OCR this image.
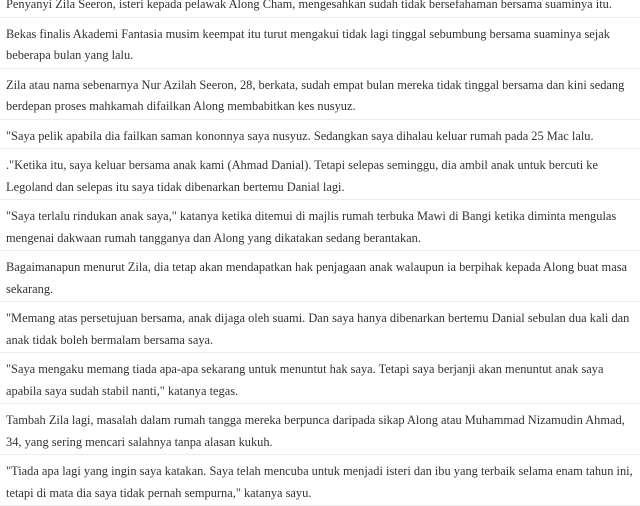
Penyanyi Zila Seeron, isteri kepada pelawak Along Cham, mengesahkan sudah tidak bersefahaman bersama suaminya itu.

Bekas finalis Akademi Fantasia musim keempat itu turut mengakui tidak lagi tinggal sebumbung bersama suaminya sejak beberapa bulan yang lalu.

Zila atau nama sebenarnya Nur Azilah Seeron, 28, berkata, sudah empat bulan mereka tidak tinggal bersama dan kini sedang berdepan proses mahkamah difailkan Along membabitkan kes nusyuz.

"Saya pelik apabila dia failkan saman kononnya saya nusyuz. Sedangkan saya dihalau keluar rumah pada 25 Mac lalu.

."Ketika itu, saya keluar bersama anak kami (Ahmad Danial). Tetapi selepas seminggu, dia ambil anak untuk bercuti ke Legoland dan selepas itu saya tidak dibenarkan bertemu Danial lagi.

"Saya terlalu rindukan anak saya," katanya ketika ditemui di majlis rumah terbuka Mawi di Bangi ketika diminta mengulas mengenai dakwaan rumah tangganya dan Along yang dikatakan sedang berantakan.

Bagaimanapun menurut Zila, dia tetap akan mendapatkan hak penjagaan anak walaupun ia berpihak kepada Along buat masa sekarang.

"Memang atas persetujuan bersama, anak dijaga oleh suami. Dan saya hanya dibenarkan bertemu Danial sebulan dua kali dan anak tidak boleh bermalam bersama saya.

"Saya mengaku memang tiada apa-apa sekarang untuk menuntut hak saya. Tetapi saya berjanji akan menuntut anak saya apabila saya sudah stabil nanti," katanya tegas.

Tambah Zila lagi, masalah dalam rumah tangga mereka berpunca daripada sikap Along atau Muhammad Nizamudin Ahmad, 34, yang sering mencari salahnya tanpa alasan kukuh.

"Tiada apa lagi yang ingin saya katakan. Saya telah mencuba untuk menjadi isteri dan ibu yang terbaik selama enam tahun ini, tetapi di mata dia saya tidak pernah sempurna," katanya sayu.
